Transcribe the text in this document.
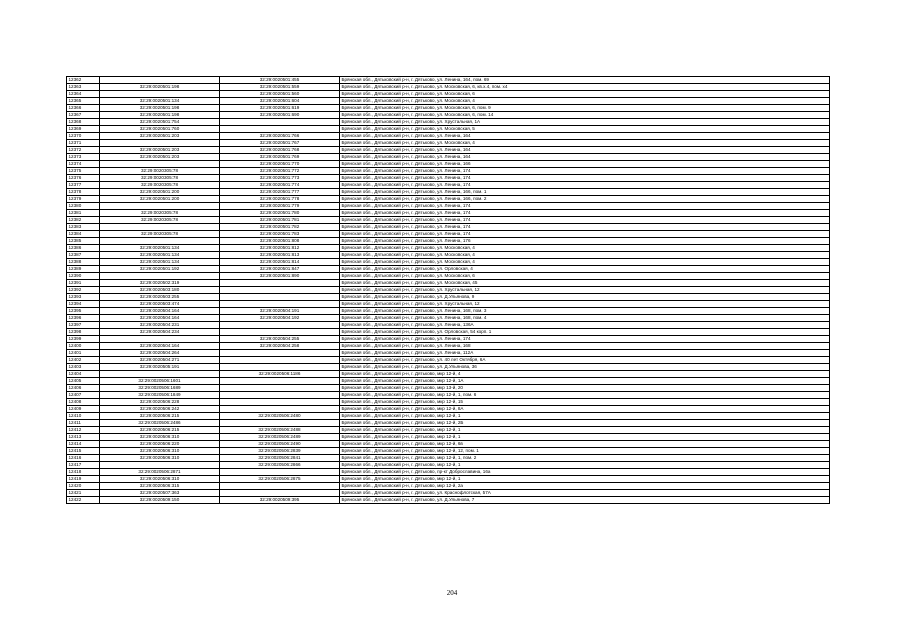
12362		32:29:0020501:455	Брянская обл., Дятьковский р-н, г. Дятьково, ул. Ленина, 164, пом. 69
12363	32:29:0020501:198	32:29:0020501:559	Брянская обл., Дятьковский р-н, г. Дятьково, ул. Московская, 6, кв.х.4, пом. х4
12364		32:29:0020501:560	Брянская обл., Дятьковский р-н, г. Дятьково, ул. Московская, 6
12365	32:29:0020501:134	32:29:0020501:604	Брянская обл., Дятьковский р-н, г. Дятьково, ул. Московская, 4
12366	32:29:0020501:198	32:29:0020501:619	Брянская обл., Дятьковский р-н, г. Дятьково, ул. Московская, 6, пом. 9
12367	32:29:0020501:198	32:29:0020501:690	Брянская обл., Дятьковский р-н, г. Дятьково, ул. Московская, 6, пом. 14
12368	32:29:0020501:754		Брянская обл., Дятьковский р-н, г. Дятьково, ул. Хрустальная, 1А
12369	32:29:0020501:760		Брянская обл., Дятьковский р-н, г. Дятьково, ул. Московская, 5
12370	32:29:0020501:203	32:29:0020501:766	Брянская обл., Дятьковский р-н, г. Дятьково, ул. Ленина, 164
12371		32:29:0020501:767	Брянская обл., Дятьковский р-н, г. Дятьково, ул. Московская, 4
12372	32:29:0020501:203	32:29:0020501:768	Брянская обл., Дятьковский р-н, г. Дятьково, ул. Ленина, 164
12373	32:29:0020501:203	32:29:0020501:769	Брянская обл., Дятьковский р-н, г. Дятьково, ул. Ленина, 164
12374		32:29:0020501:770	Брянская обл., Дятьковский р-н, г. Дятьково, ул. Ленина, 166
12375	32:29:0020305:78	32:29:0020501:772	Брянская обл., Дятьковский р-н, г. Дятьково, ул. Ленина, 174
12376	32:29:0020305:78	32:29:0020501:773	Брянская обл., Дятьковский р-н, г. Дятьково, ул. Ленина, 174
12377	32:29:0020305:78	32:29:0020501:774	Брянская обл., Дятьковский р-н, г. Дятьково, ул. Ленина, 174
12378	32:29:0020501:200	32:29:0020501:777	Брянская обл., Дятьковский р-н, г. Дятьково, ул. Ленина, 166, пом. 1
12379	32:29:0020501:200	32:29:0020501:778	Брянская обл., Дятьковский р-н, г. Дятьково, ул. Ленина, 166, пом. 2
12380		32:29:0020501:779	Брянская обл., Дятьковский р-н, г. Дятьково, ул. Ленина, 174
12381	32:29:0020305:78	32:29:0020501:780	Брянская обл., Дятьковский р-н, г. Дятьково, ул. Ленина, 174
12382	32:29:0020305:78	32:29:0020501:781	Брянская обл., Дятьковский р-н, г. Дятьково, ул. Ленина, 174
12383		32:29:0020501:782	Брянская обл., Дятьковский р-н, г. Дятьково, ул. Ленина, 174
12384	32:29:0020305:78	32:29:0020501:783	Брянская обл., Дятьковский р-н, г. Дятьково, ул. Ленина, 174
12385		32:29:0020501:808	Брянская обл., Дятьковский р-н, г. Дятьково, ул. Ленина, 176
12386	32:29:0020501:134	32:29:0020501:812	Брянская обл., Дятьковский р-н, г. Дятьково, ул. Московская, 4
12387	32:29:0020501:134	32:29:0020501:813	Брянская обл., Дятьковский р-н, г. Дятьково, ул. Московская, 4
12388	32:29:0020501:134	32:29:0020501:814	Брянская обл., Дятьковский р-н, г. Дятьково, ул. Московская, 4
12389	32:29:0020501:192	32:29:0020501:847	Брянская обл., Дятьковский р-н, г. Дятьково, ул. Орловская, 4
12390		32:29:0020501:890	Брянская обл., Дятьковский р-н, г. Дятьково, ул. Московская, 6
12391	32:29:0020502:319		Брянская обл., Дятьковский р-н, г. Дятьково, ул. Московская, 45
12392	32:29:0020503:180		Брянская обл., Дятьковский р-н, г. Дятьково, ул. Хрустальная, 12
12393	32:29:0020503:255		Брянская обл., Дятьковский р-н, г. Дятьково, ул. Д.Ульянова, 9
12394	32:29:0020503:474		Брянская обл., Дятьковский р-н, г. Дятьково, ул. Хрустальная, 12
12395	32:29:0020504:164	32:29:0020504:191	Брянская обл., Дятьковский р-н, г. Дятьково, ул. Ленина, 168, пом. 3
12396	32:29:0020504:164	32:29:0020504:192	Брянская обл., Дятьковский р-н, г. Дятьково, ул. Ленина, 168, пом. 4
12397	32:29:0020504:231		Брянская обл., Дятьковский р-н, г. Дятьково, ул. Ленина, 136А
12398	32:29:0020504:234		Брянская обл., Дятьковский р-н, г. Дятьково, ул. Орловская, 54 корп. 1
12399		32:29:0020504:255	Брянская обл., Дятьковский р-н, г. Дятьково, ул. Ленина, 174
12400	32:29:0020504:164	32:29:0020504:258	Брянская обл., Дятьковский р-н, г. Дятьково, ул. Ленина, 168
12401	32:29:0020504:264		Брянская обл., Дятьковский р-н, г. Дятьково, ул. Ленина, 112А
12402	32:29:0020504:271		Брянская обл., Дятьковский р-н, г. Дятьково, ул. 40 лет Октября, 6А
12403	32:29:0020505:191		Брянская обл., Дятьковский р-н, г. Дятьково, ул. Д.Ульянова, 36
12404		32:29:0020506:1186	Брянская обл., Дятьковский р-н, г. Дятьково, мкр 12-й, 4
12405	32:29:0020506:1601		Брянская обл., Дятьковский р-н, г. Дятьково, мкр 12-й, 1А
12406	32:29:0020506:1689		Брянская обл., Дятьковский р-н, г. Дятьково, мкр 13-й, 20
12407	32:29:0020506:1849		Брянская обл., Дятьковский р-н, г. Дятьково, мкр 12-й, 1, пом. 6
12408	32:29:0020506:228		Брянская обл., Дятьковский р-н, г. Дятьково, мкр 12-й, 15
12409	32:29:0020506:242		Брянская обл., Дятьковский р-н, г. Дятьково, мкр 12-й, 8А
12410	32:29:0020506:215	32:29:0020506:2480	Брянская обл., Дятьковский р-н, г. Дятьково, мкр 12-й, 1
12411	32:29:0020506:2486		Брянская обл., Дятьковский р-н, г. Дятьково, мкр 12-й, 2Б
12412	32:29:0020506:215	32:29:0020506:2488	Брянская обл., Дятьковский р-н, г. Дятьково, мкр 12-й, 1
12413	32:29:0020506:310	32:29:0020506:2489	Брянская обл., Дятьковский р-н, г. Дятьково, мкр 12-й, 1
12414	32:29:0020506:220	32:29:0020506:2490	Брянская обл., Дятьковский р-н, г. Дятьково, мкр 12-й, 6в
12415	32:29:0020506:310	32:29:0020506:2839	Брянская обл., Дятьковский р-н, г. Дятьково, мкр 12-й, 12, пом. 1
12416	32:29:0020506:310	32:29:0020506:2841	Брянская обл., Дятьковский р-н, г. Дятьково, мкр 12-й, 1, пом. 2
12417		32:29:0020506:2866	Брянская обл., Дятьковский р-н, г. Дятьково, мкр 12-й, 1
12418	32:29:0020506:2871		Брянская обл., Дятьковский р-н, г. Дятьково, пр-кт Доброславина, 16а
12419	32:29:0020506:310	32:29:0020506:2875	Брянская обл., Дятьковский р-н, г. Дятьково, мкр 12-й, 1
12420	32:29:0020506:315		Брянская обл., Дятьковский р-н, г. Дятьково, мкр 12-й, 2а
12421	32:29:0020507:363		Брянская обл., Дятьковский р-н, г. Дятьково, ул. Краснофлотская, 57А
12422	32:29:0020509:150	32:29:0020509:395	Брянская обл., Дятьковский р-н, г. Дятьково, ул. Д.Ульянова, 7
204
